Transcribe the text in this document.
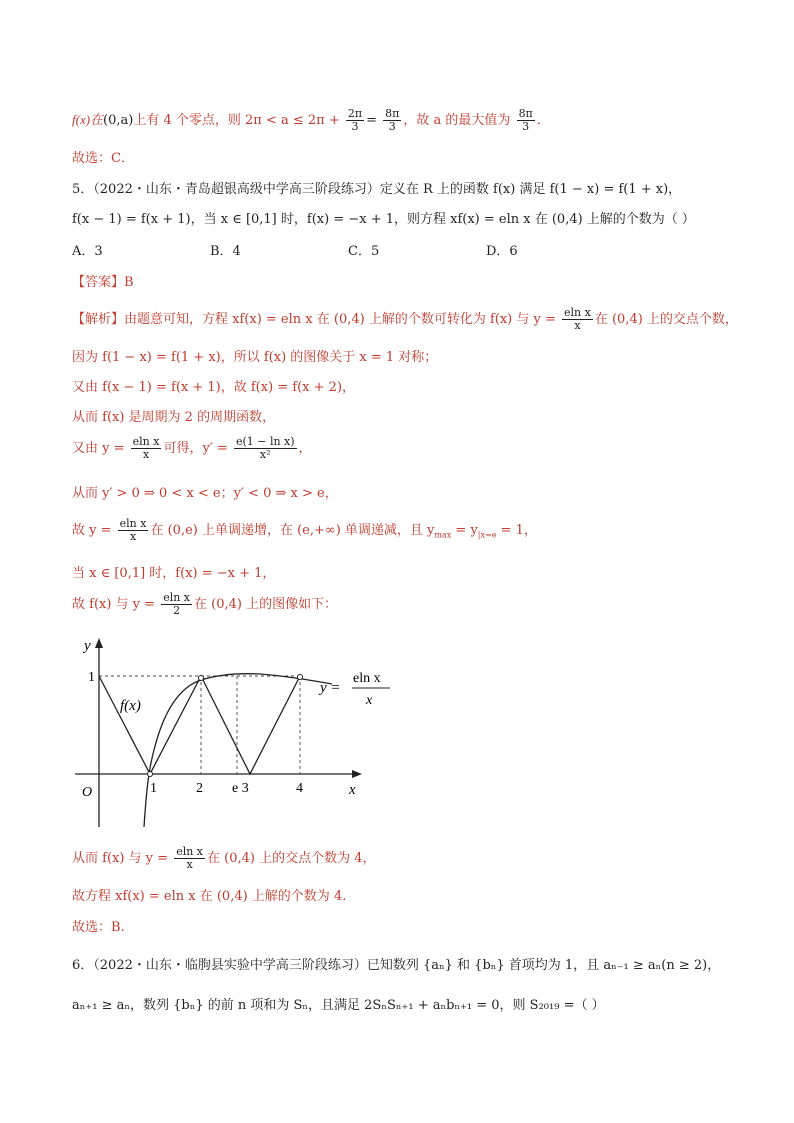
f(x)在(0,a)上有 4 个零点，则 $2\pi < a \le 2\pi + \frac{2\pi}{3} = \frac{8\pi}{3}$ ，故 a 的最大值为 $\frac{8\pi}{3}$ ．
故选：C．
5．（2022・山东・青岛超银高级中学高三阶段练习）定义在 R 上的函数 f(x) 满足 f(1 − x) = f(1 + x)，
f(x − 1) = f(x + 1)，当 x ∈ [0,1] 时，f(x) = −x + 1，则方程 xf(x) = eln x 在 (0,4) 上解的个数为（ ）
A．3	B．4	C．5	D．6
【答案】B
【解析】由题意可知，方程 xf(x) = eln x 在 (0,4) 上解的个数可转化为 f(x) 与 $y = \frac{\text{eln x}}{x}$ 在 (0,4) 上的交点个数，
因为 f(1 − x) = f(1 + x)，所以 f(x) 的图像关于 x = 1 对称；
又由 f(x − 1) = f(x + 1)，故 f(x) = f(x + 2)，
从而 f(x) 是周期为 2 的周期函数，
又由 $y = \frac{\text{eln x}}{x}$ 可得，$y' = \frac{\text{e(1 − ln x)}}{\text{x²}}$ ，
从而 y′ > 0 ⇒ 0 < x < e；y′ < 0 ⇒ x > e，
故 $y = \frac{\text{eln x}}{x}$ 在 (0,e) 上单调递增，在 (e,+∞) 单调递减，且 $y_{max} = y_{|x=e} = 1$，
当 x ∈ [0,1] 时，f(x) = −x + 1，
故 f(x) 与 $y = \frac{\text{eln x}}{2}$ 在 (0,4) 上的图像如下：
y
x
O
1
1	2 e 3	4
f(x)
y =
eln x
x
从而 f(x) 与 $y = \frac{\text{eln x}}{x}$ 在 (0,4) 上的交点个数为 4，
故方程 xf(x) = eln x 在 (0,4) 上解的个数为 4.
故选：B.
6．（2022・山东・临朐县实验中学高三阶段练习）已知数列 {aₙ} 和 {bₙ} 首项均为 1，且 aₙ₋₁ ≥ aₙ(n ≥ 2)，
aₙ₊₁ ≥ aₙ，数列 {bₙ} 的前 n 项和为 Sₙ，且满足 2SₙSₙ₊₁ + aₙbₙ₊₁ = 0，则 S₂₀₁₉ =（ ）
